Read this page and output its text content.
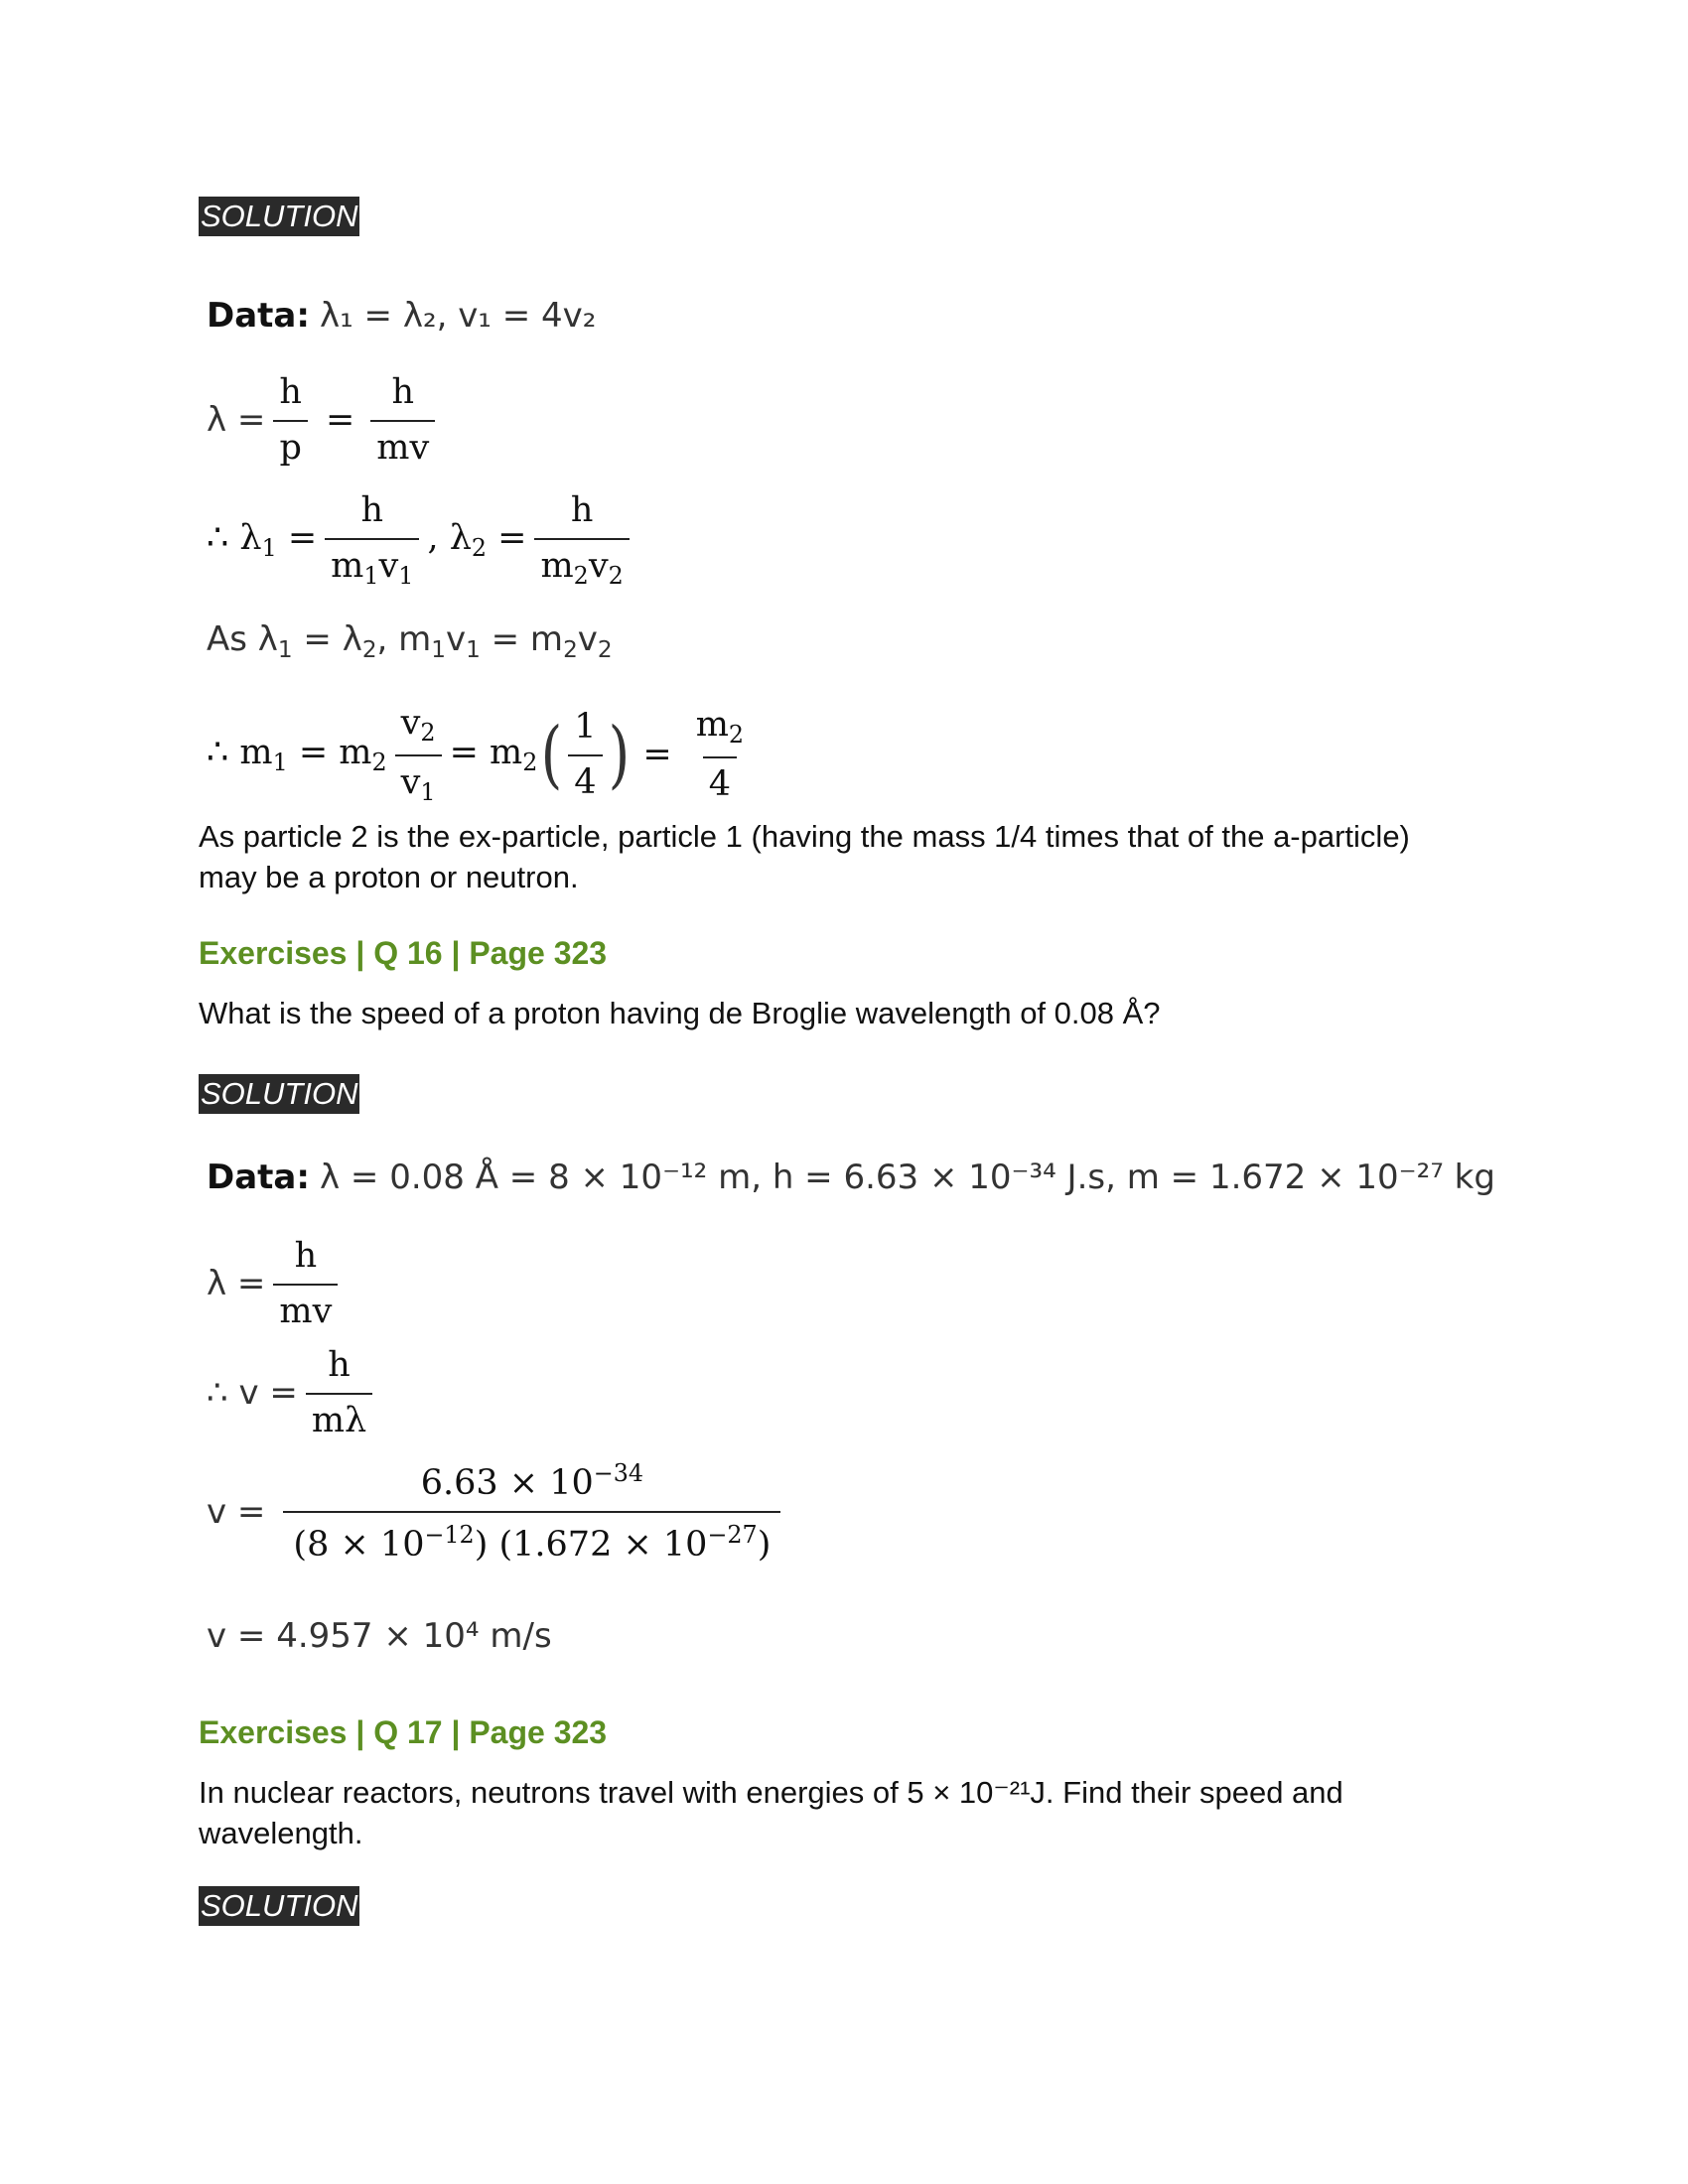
SOLUTION
Data: λ₁ = λ₂, v₁ = 4v₂
$\lambda = \frac{h}{p} = \frac{h}{mv}$
∴ $\lambda_1 = \frac{h}{m_1v_1}$ , $\lambda_2 = \frac{h}{m_2v_2}$
As $\lambda_1 = \lambda_2$, $m_1v_1 = m_2v_2$
∴ $m_1 = m_2 \frac{v_2}{v_1} = m_2$ ( $\frac{1}{4}$ ) = $\frac{m_2}{4}$
As particle 2 is the ex-particle, particle 1 (having the mass 1/4 times that of the a-particle) may be a proton or neutron.
Exercises | Q 16 | Page 323
What is the speed of a proton having de Broglie wavelength of 0.08 Å?
SOLUTION
Data: λ = 0.08 Å = 8 × 10⁻¹² m, h = 6.63 × 10⁻³⁴ J.s, m = 1.672 × 10⁻²⁷ kg
$\lambda = \frac{h}{mv}$
∴ $v = \frac{h}{m\lambda}$
$v = \frac{6.63 \times 10^{-34}}{(8 \times 10^{-12}) (1.672 \times 10^{-27})}$
v = 4.957 × 10⁴ m/s
Exercises | Q 17 | Page 323
In nuclear reactors, neutrons travel with energies of 5 × 10⁻²¹J. Find their speed and wavelength.
SOLUTION
